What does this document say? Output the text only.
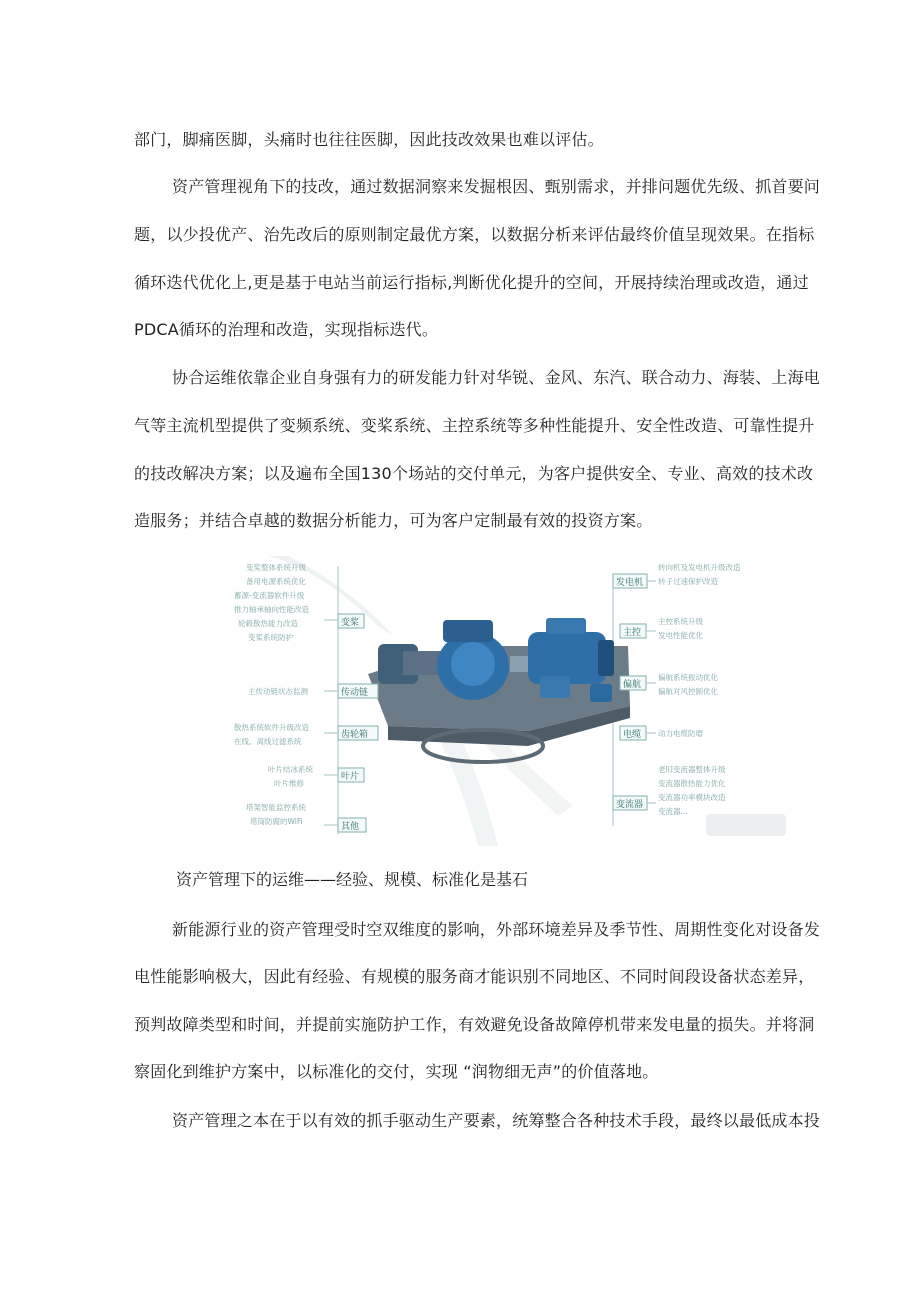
部门，脚痛医脚，头痛时也往往医脚，因此技改效果也难以评估。
资产管理视角下的技改，通过数据洞察来发掘根因、甄别需求，并排问题优先级、抓首要问
题，以少投优产、治先改后的原则制定最优方案，以数据分析来评估最终价值呈现效果。在指标
循环迭代优化上,更是基于电站当前运行指标,判断优化提升的空间，开展持续治理或改造，通过
PDCA循环的治理和改造，实现指标迭代。
协合运维依靠企业自身强有力的研发能力针对华锐、金风、东汽、联合动力、海装、上海电
气等主流机型提供了变频系统、变桨系统、主控系统等多种性能提升、安全性改造、可靠性提升
的技改解决方案；以及遍布全国130个场站的交付单元，为客户提供安全、专业、高效的技术改
造服务；并结合卓越的数据分析能力，可为客户定制最有效的投资方案。
变桨
传动链
齿轮箱
叶片
其他
变桨整体系统升级
备用电源系统优化
蓄源-变流器软件升级
推力轴承轴向性能改造
轮毂散热能力改造
变桨系统防护
主传动链状态监测
散热系统软件升级改造
在线、离线过滤系统
叶片结冰系统
叶片维修
塔架智能监控系统
塔筒防腐的WiFi
发电机
主控
偏航
电缆
变流器
转向机及发电机升级改造
转子过速保护改造
主控系统升级
发电性能优化
偏航系统振动优化
偏航对风控制优化
动力电缆防磨
老旧变流器整体升级
变流器散热能力优化
变流器功率模块改造
变流器...
资产管理下的运维——经验、规模、标准化是基石
新能源行业的资产管理受时空双维度的影响，外部环境差异及季节性、周期性变化对设备发
电性能影响极大，因此有经验、有规模的服务商才能识别不同地区、不同时间段设备状态差异，
预判故障类型和时间，并提前实施防护工作，有效避免设备故障停机带来发电量的损失。并将洞
察固化到维护方案中，以标准化的交付，实现 “润物细无声”的价值落地。
资产管理之本在于以有效的抓手驱动生产要素，统筹整合各种技术手段，最终以最低成本投
